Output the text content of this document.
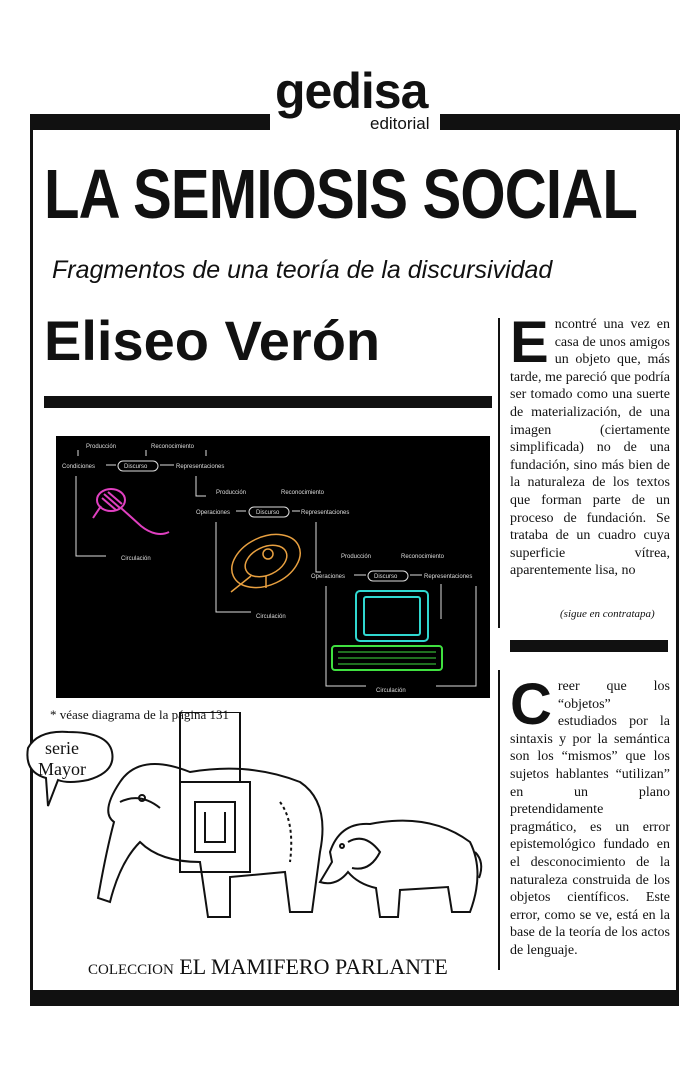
gedisa
editorial
LA SEMIOSIS SOCIAL
Fragmentos de una teoría de la discursividad
Eliseo Verón Encontré una vez en casa de unos amigos un objeto que, más tarde, me pareció que podría ser tomado como una suerte de materialización, de una imagen (ciertamente simplificada) no de una fundación, sino más bien de la naturaleza de los textos que forman parte de un proceso de fundación. Se trataba de un cuadro cuya superficie vítrea, aparentemente lisa, no
(sigue en contratapa)
Creer que los “objetos” estudiados por la sintaxis y por la semántica son los “mismos” que los sujetos hablantes “utilizan” en un plano pretendidamente pragmático, es un error epistemológico fundado en el desconocimiento de la naturaleza construida de los objetos científicos. Este error, como se ve, está en la base de la teoría de los actos de lenguaje.
Producción	Reconocimiento
Condiciones	Discurso	Representaciones
Circulación
Producción	Reconocimiento
Operaciones	Discurso	Representaciones
Circulación
Producción	Reconocimiento
Operaciones	Discurso	Representaciones
Circulación
* véase diagrama de la página 131
serie
Mayor
COLECCION EL MAMIFERO PARLANTE
